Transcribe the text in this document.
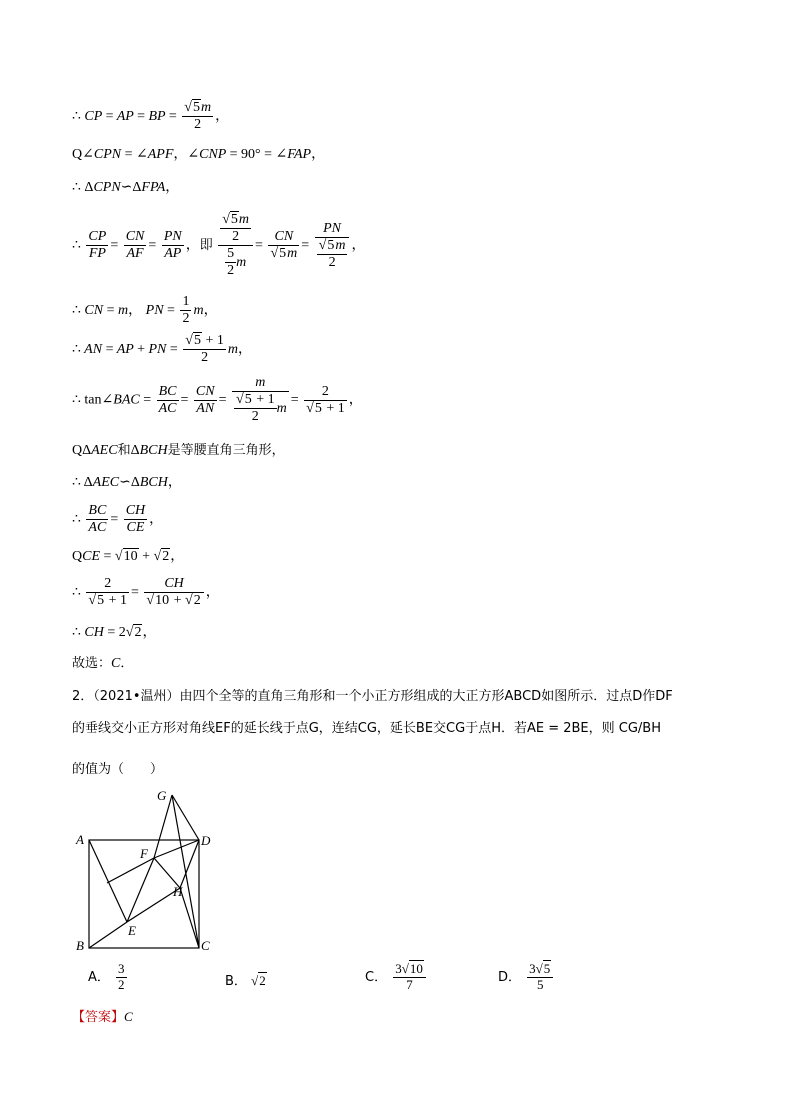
∴ CP = AP = BP = $\frac{√5m}{2}$ ，
Q∠CPN = ∠APF，∠CNP = 90° = ∠FAP，
∴ ΔCPN∽ΔFPA，
∴ $\frac{CP}{FP} = \frac{CN}{AF} = \frac{PN}{AP}$ ，即 $\frac{\frac{√5m}{2}}{\frac{5}{2} m} = \frac{CN}{√5m} = \frac{PN}{\frac{√5m}{2}}$ ，
∴ CN = m， PN = $\frac{1}{2}$ m，
∴ AN = AP + PN = $\frac{√5 + 1}{2}$ m，
∴ tan∠BAC = $\frac{BC}{AC} = \frac{CN}{AN} = \frac{m}{\frac{√5 + 1}{2} m} = \frac{2}{√5 + 1}$ ，
QΔAEC和ΔBCH是等腰直角三角形，
∴ ΔAEC∽ΔBCH，
∴ $\frac{BC}{AC} = \frac{CH}{CE}$ ，
QCE = √10 + √2，
∴ $\frac{2}{√5 + 1} = \frac{CH}{√10 + √2}$ ，
∴ CH = 2√2，
故选：C．
2．（2021•温州）由四个全等的直角三角形和一个小正方形组成的大正方形ABCD如图所示．过点D作DF
的垂线交小正方形对角线EF的延长线于点G，连结CG，延长BE交CG于点H．若AE = 2BE，则 CG/BH
的值为（　　）
G
A	D
F
H
E
B	C
A． $\frac{3}{2}$	B． √2	C． $\frac{3√10}{7}$	D． $\frac{3√5}{5}$
【答案】C
